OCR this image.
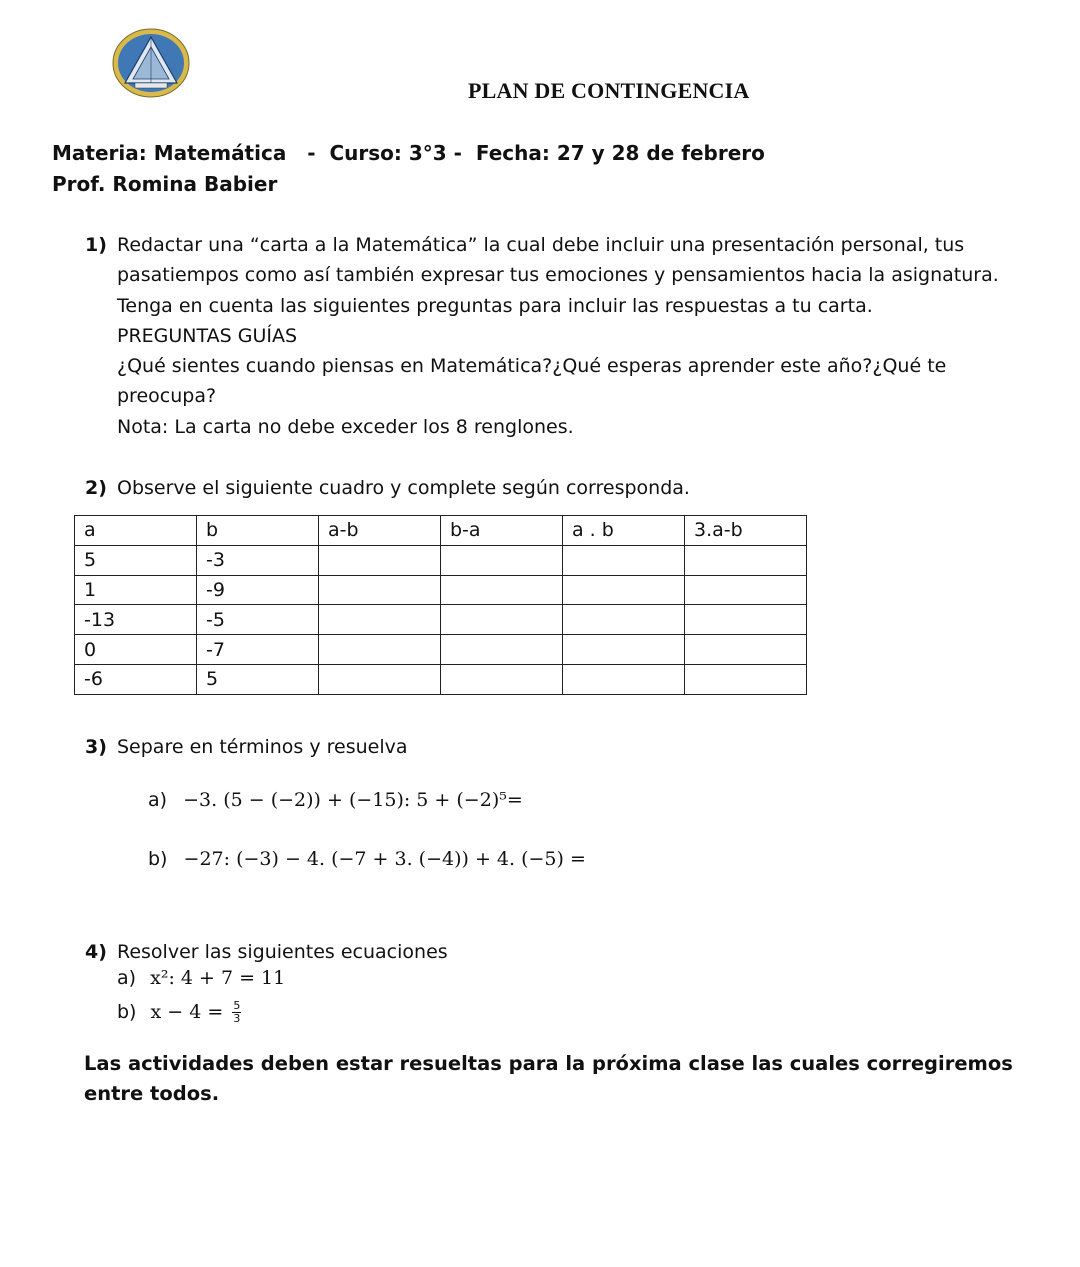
PLAN DE CONTINGENCIA
Materia: Matemática   -  Curso: 3°3 -  Fecha: 27 y 28 de febrero
Prof. Romina Babier
1) Redactar una “carta a la Matemática” la cual debe incluir una presentación personal, tus

pasatiempos como así también expresar tus emociones y pensamientos hacia la asignatura.

Tenga en cuenta las siguientes preguntas para incluir las respuestas a tu carta.

PREGUNTAS GUÍAS

¿Qué sientes cuando piensas en Matemática?¿Qué esperas aprender este año?¿Qué te

preocupa?

Nota: La carta no debe exceder los 8 renglones.

2) Observe el siguiente cuadro y complete según corresponda.
a	b	a-b	b-a	a . b	3.a-b
5	-3				
1	-9				
-13	-5				
0	-7				
-6	5				
3) Separe en términos y resuelva
a) −3. (5 − (−2)) + (−15): 5 + (−2)⁵=
b) −27: (−3) − 4. (−7 + 3. (−4)) + 4. (−5) =
4) Resolver las siguientes ecuaciones
a) x²: 4 + 7 = 11
b) $x - 4 = \frac{5}{3}$
Las actividades deben estar resueltas para la próxima clase las cuales corregiremos entre todos.
